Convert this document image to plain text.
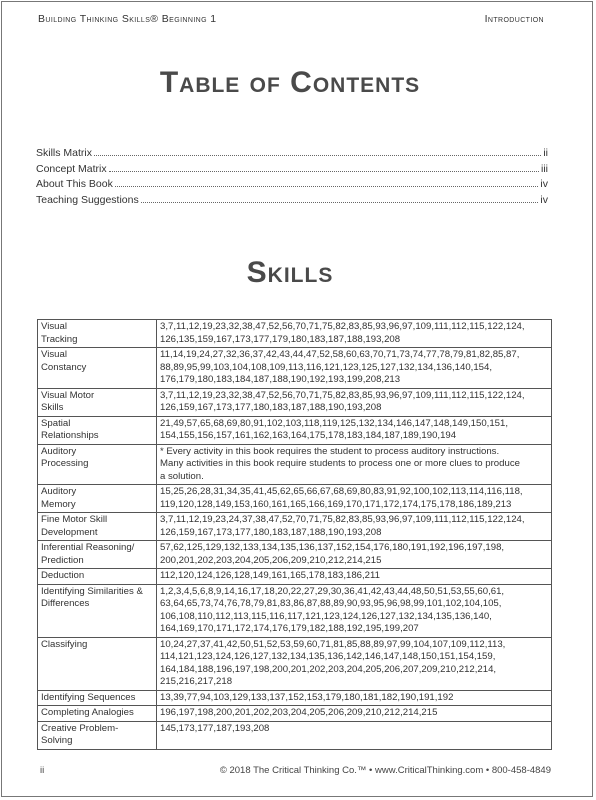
Building Thinking Skills® Beginning 1	Introduction
Table of Contents
Skills Matrix	ii
Concept Matrix	iii
About This Book	iv
Teaching Suggestions	iv
Skills
Visual
Tracking	3,7,11,12,19,23,32,38,47,52,56,70,71,75,82,83,85,93,96,97,109,111,112,115,122,124,
126,135,159,167,173,177,179,180,183,187,188,193,208
Visual
Constancy	11,14,19,24,27,32,36,37,42,43,44,47,52,58,60,63,70,71,73,74,77,78,79,81,82,85,87,
88,89,95,99,103,104,108,109,113,116,121,123,125,127,132,134,136,140,154,
176,179,180,183,184,187,188,190,192,193,199,208,213
Visual Motor
Skills	3,7,11,12,19,23,32,38,47,52,56,70,71,75,82,83,85,93,96,97,109,111,112,115,122,124,
126,159,167,173,177,180,183,187,188,190,193,208
Spatial
Relationships	21,49,57,65,68,69,80,91,102,103,118,119,125,132,134,146,147,148,149,150,151,
154,155,156,157,161,162,163,164,175,178,183,184,187,189,190,194
Auditory
Processing	* Every activity in this book requires the student to process auditory instructions.
Many activities in this book require students to process one or more clues to produce
a solution.
Auditory
Memory	15,25,26,28,31,34,35,41,45,62,65,66,67,68,69,80,83,91,92,100,102,113,114,116,118,
119,120,128,149,153,160,161,165,166,169,170,171,172,174,175,178,186,189,213
Fine Motor Skill
Development	3,7,11,12,19,23,24,37,38,47,52,70,71,75,82,83,85,93,96,97,109,111,112,115,122,124,
126,159,167,173,177,180,183,187,188,190,193,208
Inferential Reasoning/
Prediction	57,62,125,129,132,133,134,135,136,137,152,154,176,180,191,192,196,197,198,
200,201,202,203,204,205,206,209,210,212,214,215
Deduction	112,120,124,126,128,149,161,165,178,183,186,211
Identifying Similarities &
Differences	1,2,3,4,5,6,8,9,14,16,17,18,20,22,27,29,30,36,41,42,43,44,48,50,51,53,55,60,61,
63,64,65,73,74,76,78,79,81,83,86,87,88,89,90,93,95,96,98,99,101,102,104,105,
106,108,110,112,113,115,116,117,121,123,124,126,127,132,134,135,136,140,
164,169,170,171,172,174,176,179,182,188,192,195,199,207
Classifying	10,24,27,37,41,42,50,51,52,53,59,60,71,81,85,88,89,97,99,104,107,109,112,113,
114,121,123,124,126,127,132,134,135,136,142,146,147,148,150,151,154,159,
164,184,188,196,197,198,200,201,202,203,204,205,206,207,209,210,212,214,
215,216,217,218
Identifying Sequences	13,39,77,94,103,129,133,137,152,153,179,180,181,182,190,191,192
Completing Analogies	196,197,198,200,201,202,203,204,205,206,209,210,212,214,215
Creative Problem-
Solving	145,173,177,187,193,208
ii	© 2018 The Critical Thinking Co.™ • www.CriticalThinking.com • 800-458-4849
